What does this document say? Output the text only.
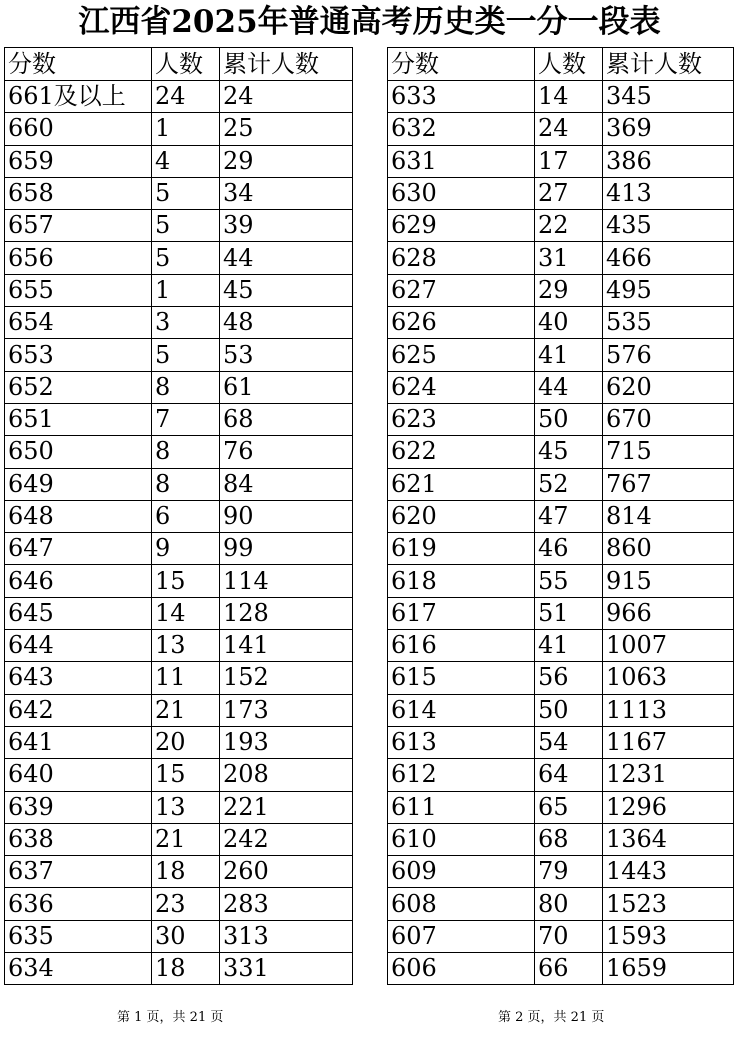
江西省2025年普通高考历史类一分一段表
分数	人数	累计人数
661及以上	24	24
660	1	25
659	4	29
658	5	34
657	5	39
656	5	44
655	1	45
654	3	48
653	5	53
652	8	61
651	7	68
650	8	76
649	8	84
648	6	90
647	9	99
646	15	114
645	14	128
644	13	141
643	11	152
642	21	173
641	20	193
640	15	208
639	13	221
638	21	242
637	18	260
636	23	283
635	30	313
634	18	331
分数	人数	累计人数
633	14	345
632	24	369
631	17	386
630	27	413
629	22	435
628	31	466
627	29	495
626	40	535
625	41	576
624	44	620
623	50	670
622	45	715
621	52	767
620	47	814
619	46	860
618	55	915
617	51	966
616	41	1007
615	56	1063
614	50	1113
613	54	1167
612	64	1231
611	65	1296
610	68	1364
609	79	1443
608	80	1523
607	70	1593
606	66	1659
第 1 页，共 21 页	第 2 页，共 21 页
